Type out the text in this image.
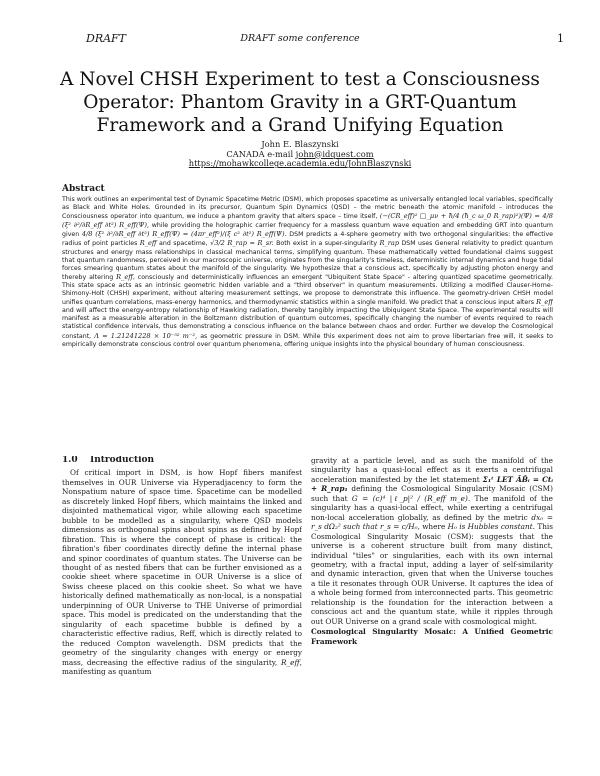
DRAFT	DRAFT some conference	1
A Novel CHSH Experiment to test a Consciousness Operator: Phantom Gravity in a GRT-Quantum Framework and a Grand Unifying Equation
John E. Blaszynski
CANADA e-mail john@idquest.com
https://mohawkcollege.academia.edu/JohnBlaszynski
Abstract
This work outlines an experimental test of Dynamic Spacetime Metric (DSM), which proposes spacetime as universally entangled local variables, specifically as Black and White Holes. Grounded in its precursor, Quantum Spin Dynamics (QSD) – the metric beneath the atomic manifold – introduces the Consciousness operator into quantum, we induce a phantom gravity that alters space – time itself, (−(CR_eff)² □_μν + ħ/4 (ħ_c ω_0 R_rap)²)(Ψ) = 4/8 (ξ² ∂²/∂R_eff ∂t²) R_eff(Ψ), while providing the holographic carrier frequency for a massless quantum wave equation and embedding GRT into quantum given 4/8 (ξ² ∂²/∂R_eff ∂t²) R_eff(Ψ) = (4πr_eff²)/(ξ c² ∂t²) R_eff(Ψ). DSM predicts a 4-sphere geometry with two orthogonal singularities: the effective radius of point particles R_eff and spacetime, √3/2 R_rap = R_sr. Both exist in a super-singularity R_rap DSM uses General relativity to predict quantum structures and energy mass relationships in classical mechanical terms, simplifying quantum. These mathematically vetted foundational claims suggest that quantum randomness, perceived in our macroscopic universe, originates from the singularity's timeless, deterministic internal dynamics and huge tidal forces smearing quantum states about the manifold of the singularity. We hypothesize that a conscious act, specifically by adjusting photon energy and thereby altering R_eff, consciously and deterministically influences an emergent "Ubiquitent State Space" - altering quantized spacetime geometrically. This state space acts as an intrinsic geometric hidden variable and a "third observer" in quantum measurements. Utilizing a modified Clauser-Horne-Shimony-Holt (CHSH) experiment, without altering measurement settings, we propose to demonstrate this influence. The geometry-driven CHSH model unifies quantum correlations, mass-energy harmonics, and thermodynamic statistics within a single manifold. We predict that a conscious input alters R_eff and will affect the energy-entropy relationship of Hawking radiation, thereby tangibly impacting the Ubiquigent State Space. The experimental results will manifest as a measurable alteration in the Boltzmann distribution of quantum outcomes, specifically changing the number of events required to reach statistical confidence intervals, thus demonstrating a conscious influence on the balance between chaos and order. Further we develop the Cosmological constant, Λ = 1.21241228 × 10⁻⁵² m⁻², as geometric pressure in DSM. While this experiment does not aim to prove libertarian free will, it seeks to empirically demonstrate conscious control over quantum phenomena, offering unique insights into the physical boundary of human consciousness.
1.0 Introduction

Of critical import in DSM, is how Hopf fibers manifest themselves in OUR Universe via Hyperadjacency to form the Nonspatium nature of space time. Spacetime can be modelled as discretely linked Hopf fibers, which maintains the linked and disjointed mathematical vigor, while allowing each spacetime bubble to be modelled as a singularity, where QSD models dimensions as orthogonal spins about spins as defined by Hopf fibration. This is where the concept of phase is critical: the fibration's fiber coordinates directly define the internal phase and spinor coordinates of quantum states. The Universe can be thought of as nested fibers that can be further envisioned as a cookie sheet where spacetime in OUR Universe is a slice of Swiss cheese placed on this cookie sheet. So what we have historically defined mathematically as non-local, is a nonspatial underpinning of OUR Universe to THE Universe of primordial space. This model is predicated on the understanding that the singularity of each spacetime bubble is defined by a characteristic effective radius, Reff, which is directly related to the reduced Compton wavelength. DSM predicts that the geometry of the singularity changes with energy or energy mass, decreasing the effective radius of the singularity, R_eff, manifesting as quantum

gravity at a particle level, and as such the manifold of the singularity has a quasi-local effect as it exerts a centrifugal acceleration manifested by the let statement Σ₁ᵗ LET ĀB̄ᵢ = Ctᵢ + R_rap₁ defining the Cosmological Singularity Mosaic (CSM) such that G = (c)⁴ |ℓ_p|² / (R_eff m_e). The manifold of the singularity has a quasi-local effect, while exerting a centrifugal non-local acceleration globally, as defined by the metric dx₀ = r_s dΩ₂² such that r_s = c/H₀, where H₀ is Hubbles constant. This Cosmological Singularity Mosaic (CSM): suggests that the universe is a coherent structure built from many distinct, individual "tiles" or singularities, each with its own internal geometry, with a fractal input, adding a layer of self-similarity and dynamic interaction, given that when the Universe touches a tile it resonates through OUR Universe. It captures the idea of a whole being formed from interconnected parts. This geometric relationship is the foundation for the interaction between a conscious act and the quantum state, while it ripples through out OUR Universe on a grand scale with cosmological might.

Cosmological Singularity Mosaic: A Unified Geometric Framework
